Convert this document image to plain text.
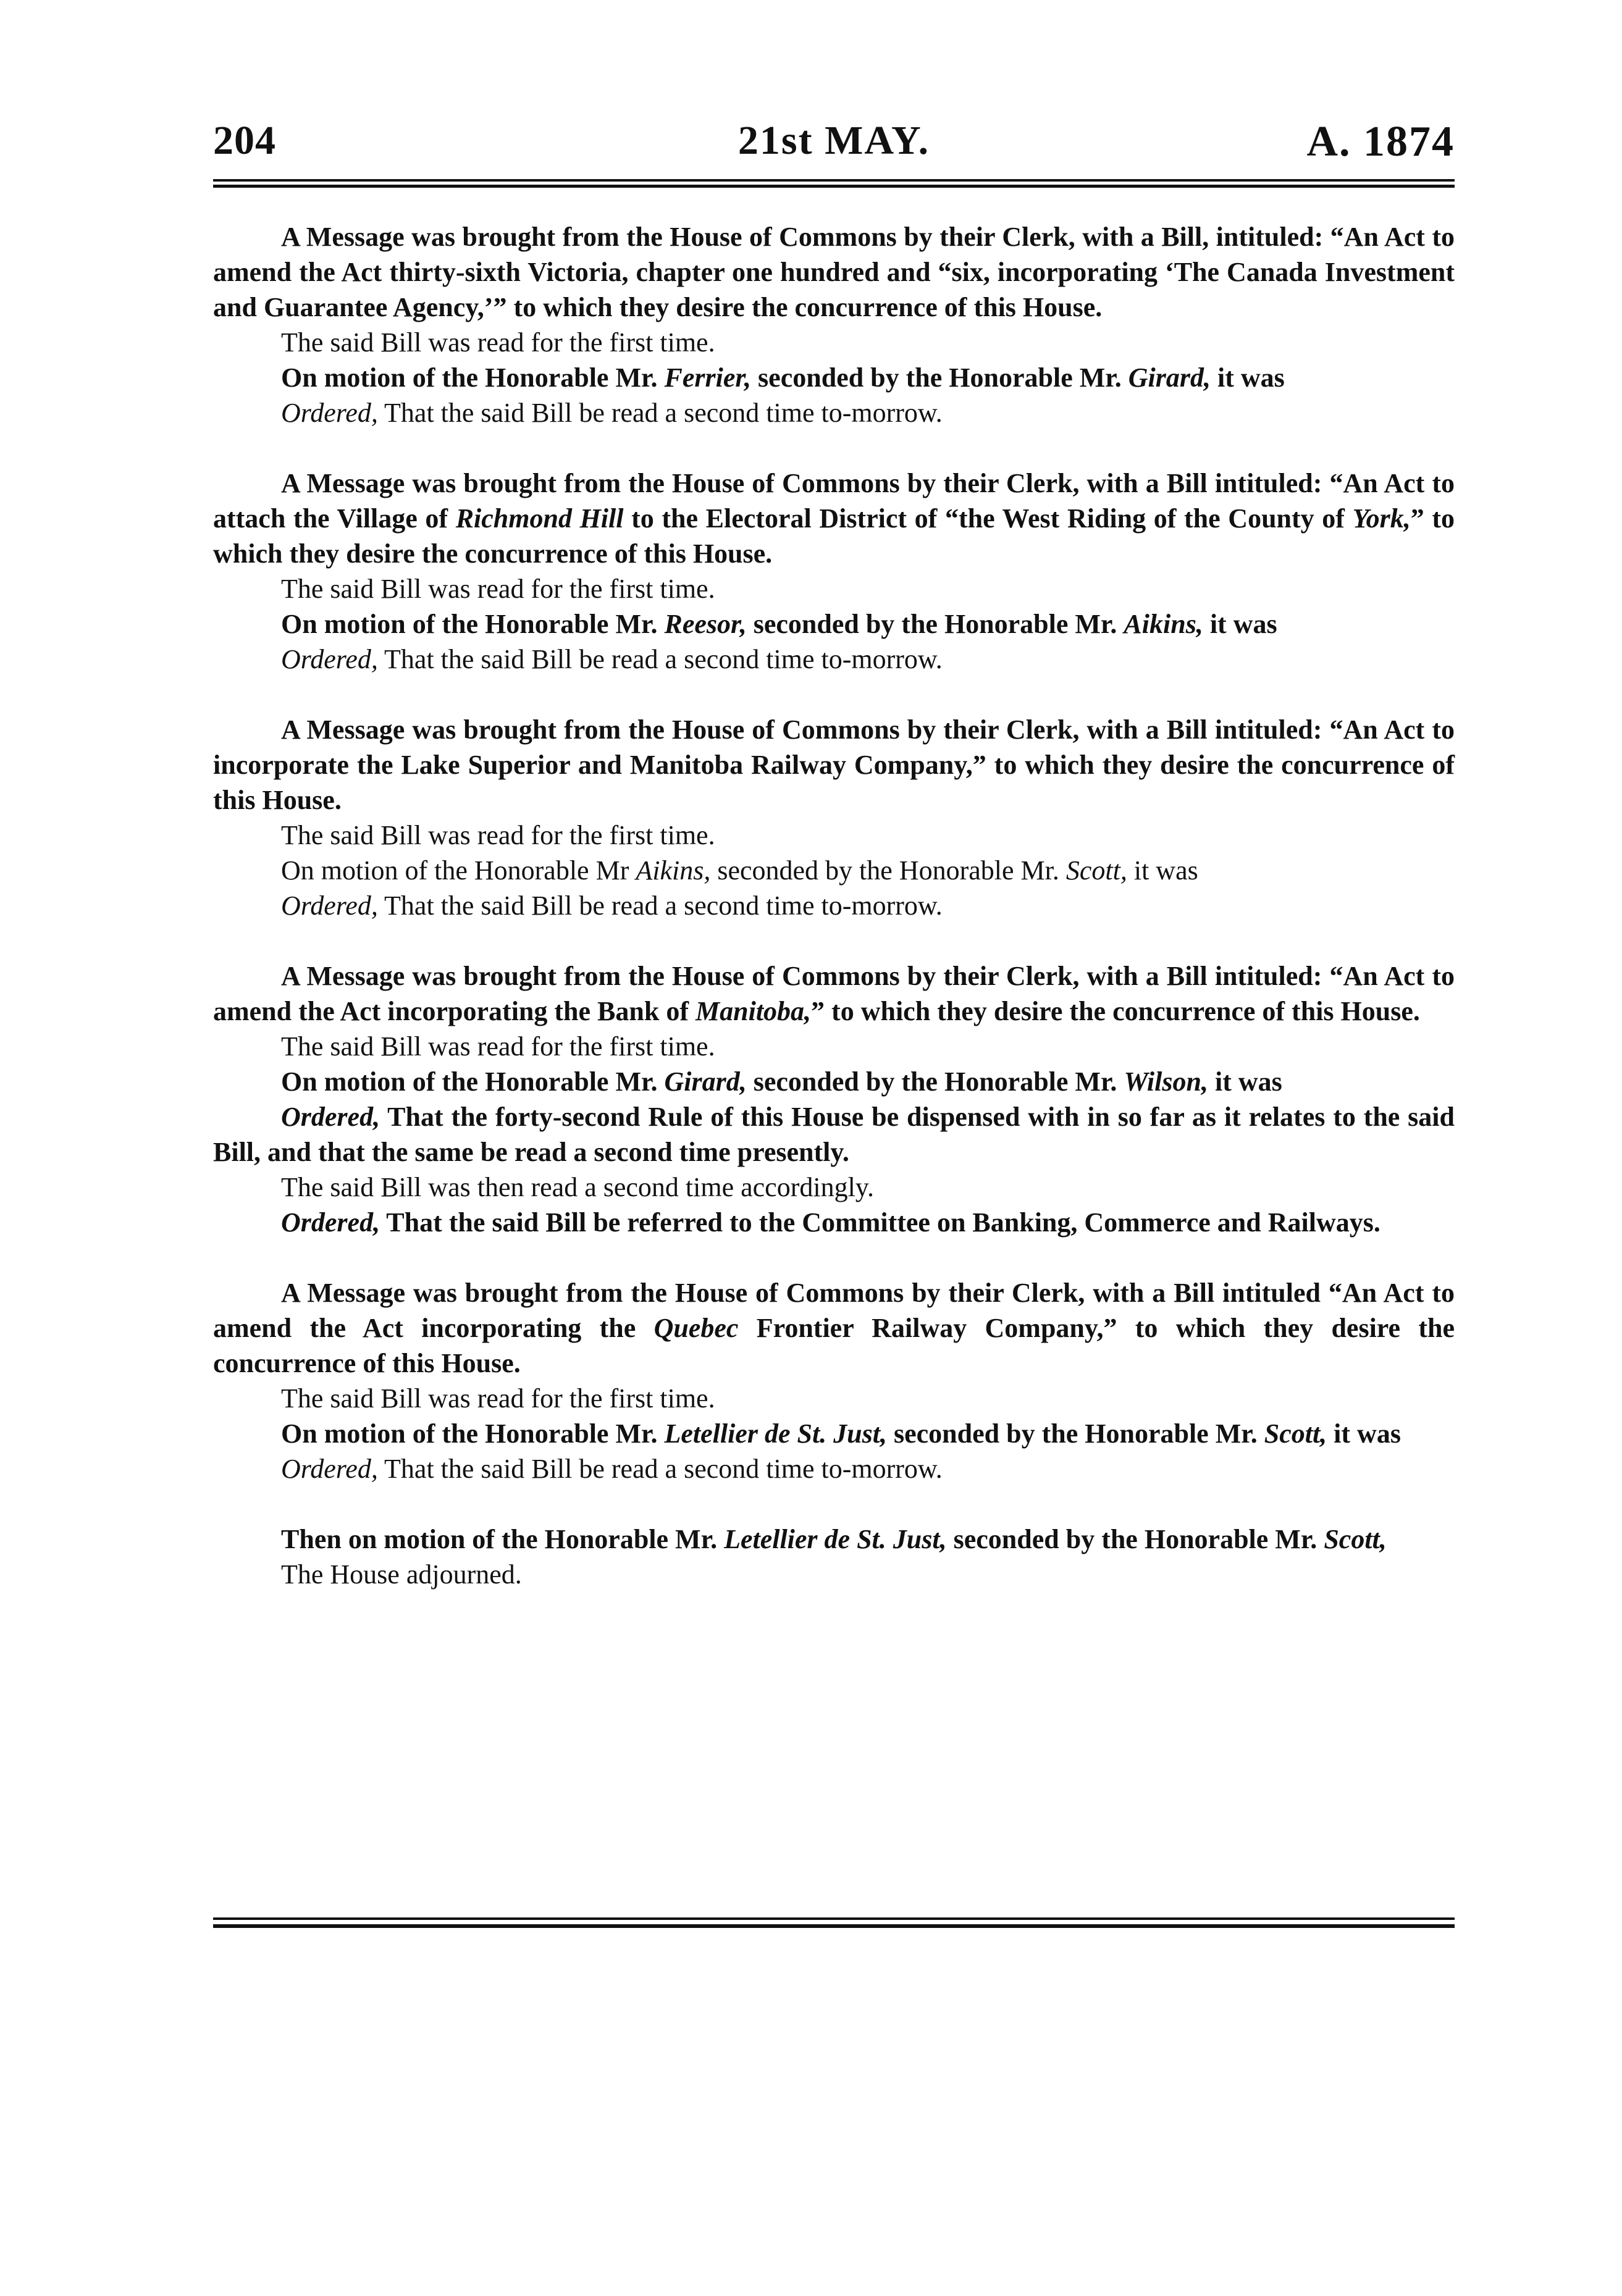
204	21st MAY.	A. 1874

A Message was brought from the House of Commons by their Clerk, with a Bill, intituled: “An Act to amend the Act thirty-sixth Victoria, chapter one hundred and “six, incorporating ‘The Canada Investment and Guarantee Agency,’” to which they desire the concurrence of this House.

The said Bill was read for the first time.

On motion of the Honorable Mr. Ferrier, seconded by the Honorable Mr. Girard, it was

Ordered, That the said Bill be read a second time to-morrow.

A Message was brought from the House of Commons by their Clerk, with a Bill intituled: “An Act to attach the Village of Richmond Hill to the Electoral District of “the West Riding of the County of York,” to which they desire the concurrence of this House.

The said Bill was read for the first time.

On motion of the Honorable Mr. Reesor, seconded by the Honorable Mr. Aikins, it was

Ordered, That the said Bill be read a second time to-morrow.

A Message was brought from the House of Commons by their Clerk, with a Bill intituled: “An Act to incorporate the Lake Superior and Manitoba Railway Company,” to which they desire the concurrence of this House.

The said Bill was read for the first time.

On motion of the Honorable Mr Aikins, seconded by the Honorable Mr. Scott, it was

Ordered, That the said Bill be read a second time to-morrow.

A Message was brought from the House of Commons by their Clerk, with a Bill intituled: “An Act to amend the Act incorporating the Bank of Manitoba,” to which they desire the concurrence of this House.

The said Bill was read for the first time.

On motion of the Honorable Mr. Girard, seconded by the Honorable Mr. Wilson, it was

Ordered, That the forty-second Rule of this House be dispensed with in so far as it relates to the said Bill, and that the same be read a second time presently.

The said Bill was then read a second time accordingly.

Ordered, That the said Bill be referred to the Committee on Banking, Commerce and Railways.

A Message was brought from the House of Commons by their Clerk, with a Bill intituled “An Act to amend the Act incorporating the Quebec Frontier Railway Company,” to which they desire the concurrence of this House.

The said Bill was read for the first time.

On motion of the Honorable Mr. Letellier de St. Just, seconded by the Honorable Mr. Scott, it was

Ordered, That the said Bill be read a second time to-morrow.

Then on motion of the Honorable Mr. Letellier de St. Just, seconded by the Honorable Mr. Scott,

The House adjourned.
